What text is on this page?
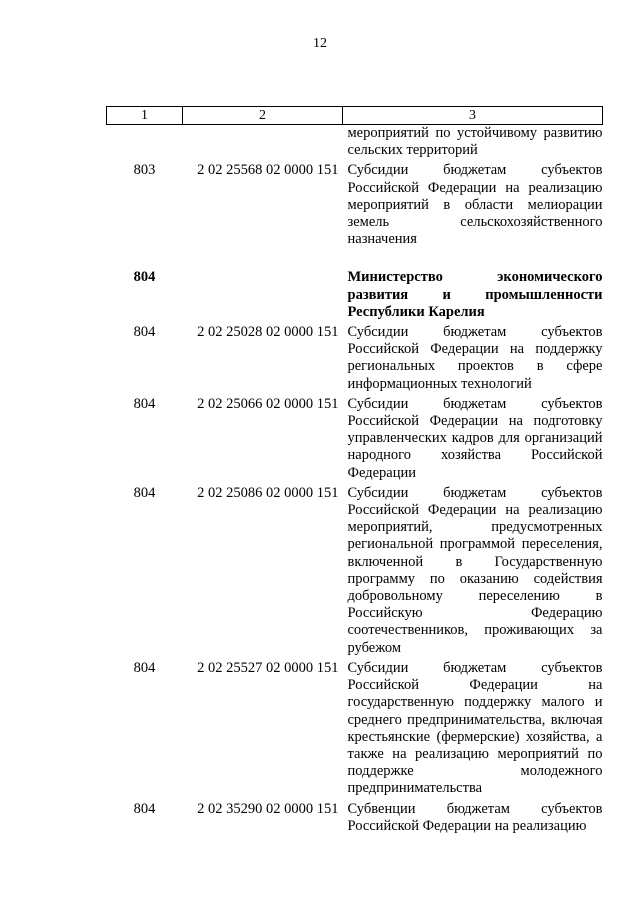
12
1	2	3
		мероприятий по устойчивому развитию сельских территорий
803	2 02 25568 02 0000 151	Субсидии бюджетам субъектов Российской Федерации на реализацию мероприятий в области мелиорации земель сельскохозяйственного назначения

804		Министерство экономического развития и промышленности Республики Карелия
804	2 02 25028 02 0000 151	Субсидии бюджетам субъектов Российской Федерации на поддержку региональных проектов в сфере информационных технологий
804	2 02 25066 02 0000 151	Субсидии бюджетам субъектов Российской Федерации на подготовку управленческих кадров для организаций народного хозяйства Российской Федерации
804	2 02 25086 02 0000 151	Субсидии бюджетам субъектов Российской Федерации на реализацию мероприятий, предусмотренных региональной программой переселения, включенной в Государственную программу по оказанию содействия добровольному переселению в Российскую Федерацию соотечественников, проживающих за рубежом
804	2 02 25527 02 0000 151	Субсидии бюджетам субъектов Российской Федерации на государственную поддержку малого и среднего предпринимательства, включая крестьянские (фермерские) хозяйства, а также на реализацию мероприятий по поддержке молодежного предпринимательства
804	2 02 35290 02 0000 151	Субвенции бюджетам субъектов Российской Федерации на реализацию
